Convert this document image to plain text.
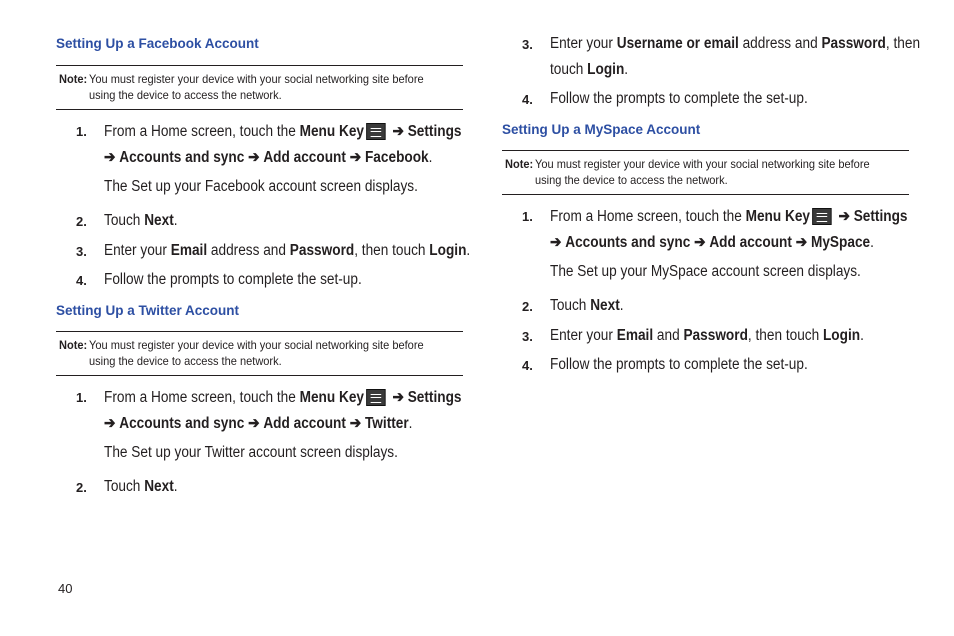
Setting Up a Facebook Account
Note: You must register your device with your social networking site before
using the device to access the network.
1. From a Home screen, touch the Menu Key ➔ Settings
➔ Accounts and sync ➔ Add account ➔ Facebook.
The Set up your Facebook account screen displays.
2. Touch Next.
3. Enter your Email address and Password, then touch Login.
4. Follow the prompts to complete the set-up.
Setting Up a Twitter Account
Note: You must register your device with your social networking site before
using the device to access the network.
1. From a Home screen, touch the Menu Key ➔ Settings
➔ Accounts and sync ➔ Add account ➔ Twitter.
The Set up your Twitter account screen displays.
2. Touch Next.
3. Enter your Username or email address and Password, then
touch Login.
4. Follow the prompts to complete the set-up.
Setting Up a MySpace Account
Note: You must register your device with your social networking site before
using the device to access the network.
1. From a Home screen, touch the Menu Key ➔ Settings
➔ Accounts and sync ➔ Add account ➔ MySpace.
The Set up your MySpace account screen displays.
2. Touch Next.
3. Enter your Email and Password, then touch Login.
4. Follow the prompts to complete the set-up.
40
